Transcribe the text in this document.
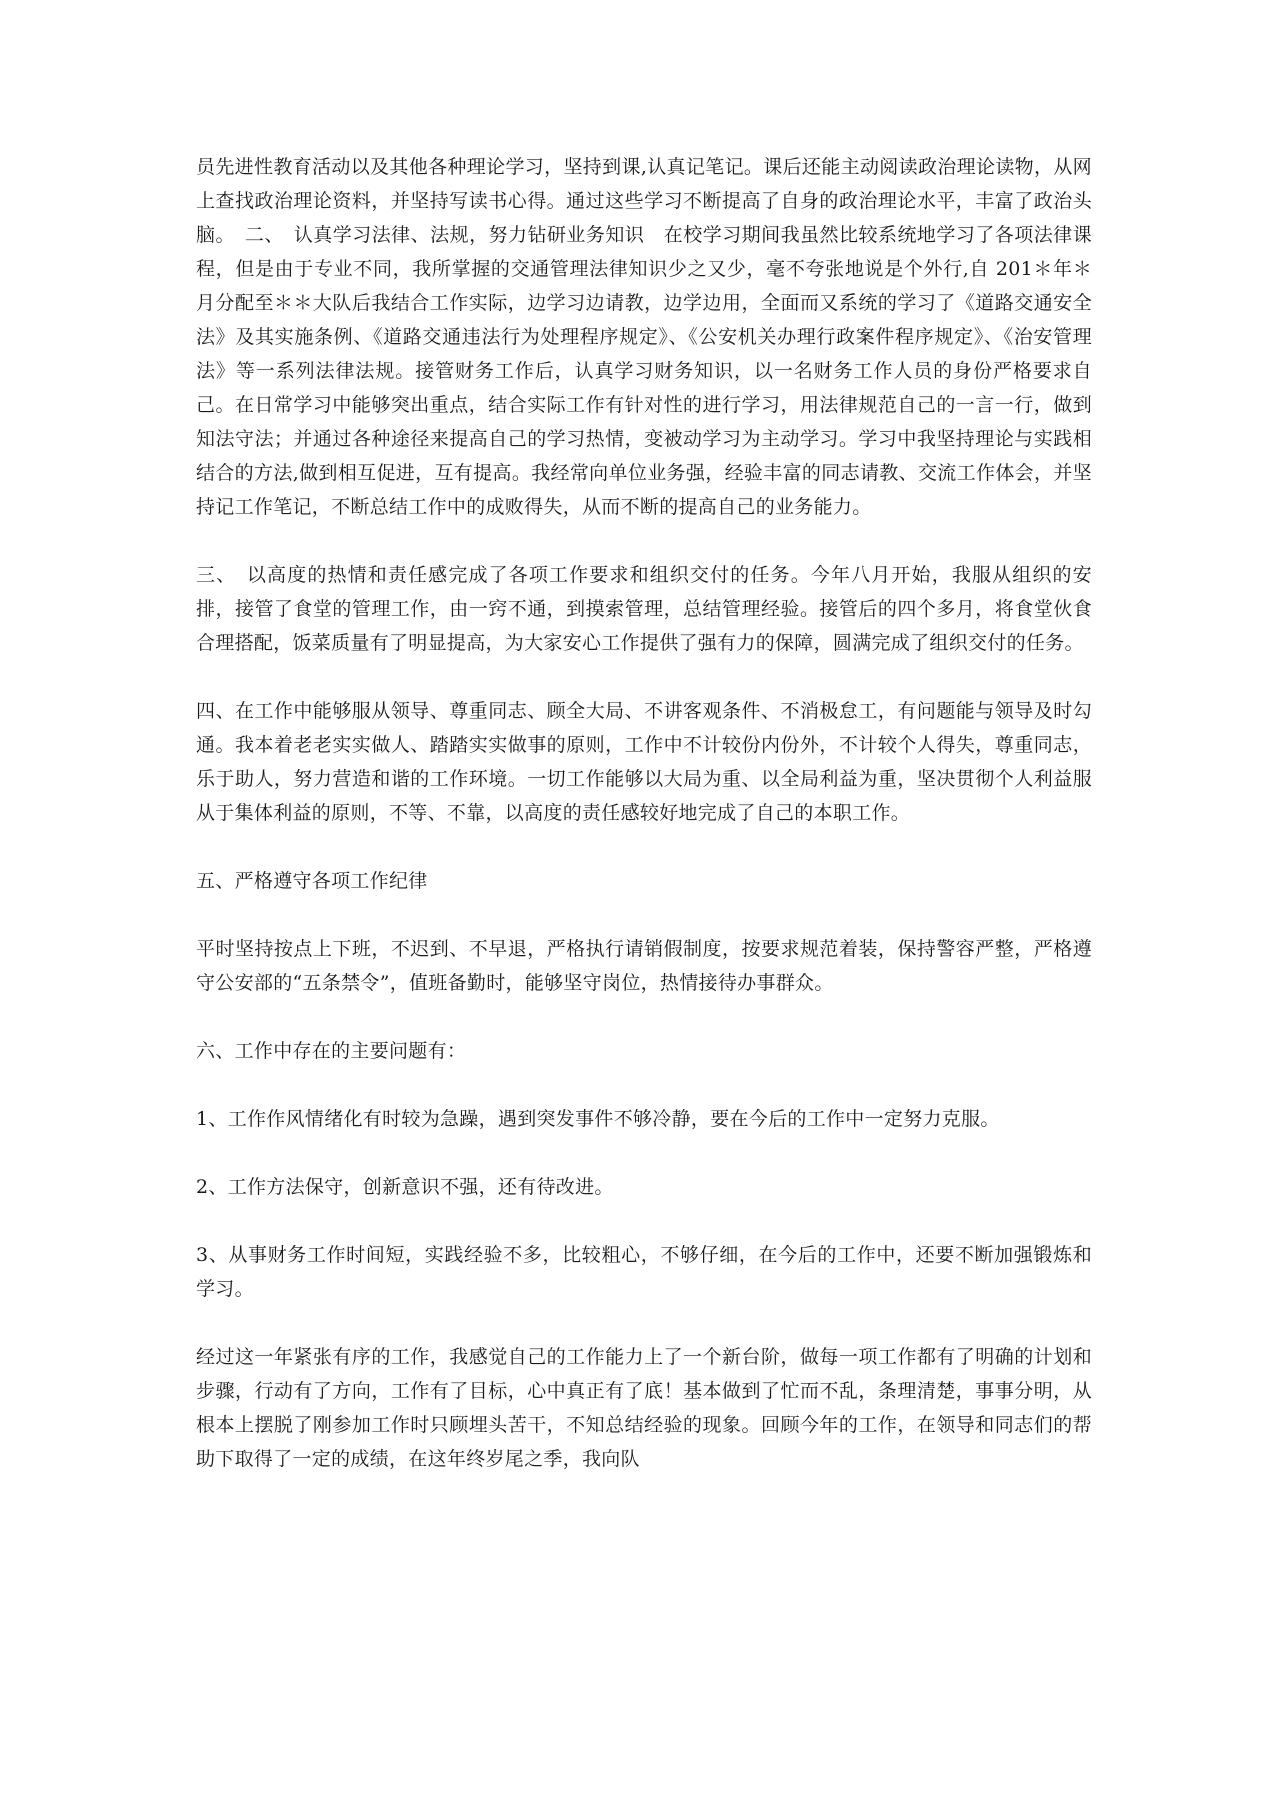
员先进性教育活动以及其他各种理论学习，坚持到课,认真记笔记。课后还能主动阅读政治理论读物，从网上查找政治理论资料，并坚持写读书心得。通过这些学习不断提高了自身的政治理论水平，丰富了政治头脑。　二、　认真学习法律、法规，努力钻研业务知识　在校学习期间我虽然比较系统地学习了各项法律课程，但是由于专业不同，我所掌握的交通管理法律知识少之又少，毫不夸张地说是个外行,自 201＊年＊月分配至＊＊大队后我结合工作实际，边学习边请教，边学边用，全面而又系统的学习了《道路交通安全法》及其实施条例、《道路交通违法行为处理程序规定》、《公安机关办理行政案件程序规定》、《治安管理法》等一系列法律法规。接管财务工作后，认真学习财务知识，以一名财务工作人员的身份严格要求自己。在日常学习中能够突出重点，结合实际工作有针对性的进行学习，用法律规范自己的一言一行，做到知法守法；并通过各种途径来提高自己的学习热情，变被动学习为主动学习。学习中我坚持理论与实践相结合的方法,做到相互促进，互有提高。我经常向单位业务强，经验丰富的同志请教、交流工作体会，并坚持记工作笔记，不断总结工作中的成败得失，从而不断的提高自己的业务能力。

三、　以高度的热情和责任感完成了各项工作要求和组织交付的任务。今年八月开始，我服从组织的安排，接管了食堂的管理工作，由一窍不通，到摸索管理，总结管理经验。接管后的四个多月，将食堂伙食合理搭配，饭菜质量有了明显提高，为大家安心工作提供了强有力的保障，圆满完成了组织交付的任务。

四、在工作中能够服从领导、尊重同志、顾全大局、不讲客观条件、不消极怠工，有问题能与领导及时勾通。我本着老老实实做人、踏踏实实做事的原则，工作中不计较份内份外，不计较个人得失，尊重同志，乐于助人，努力营造和谐的工作环境。一切工作能够以大局为重、以全局利益为重，坚决贯彻个人利益服从于集体利益的原则，不等、不靠，以高度的责任感较好地完成了自己的本职工作。

五、严格遵守各项工作纪律

平时坚持按点上下班，不迟到、不早退，严格执行请销假制度，按要求规范着装，保持警容严整，严格遵守公安部的“五条禁令”，值班备勤时，能够坚守岗位，热情接待办事群众。

六、工作中存在的主要问题有：

1、工作作风情绪化有时较为急躁，遇到突发事件不够冷静，要在今后的工作中一定努力克服。

2、工作方法保守，创新意识不强，还有待改进。

3、从事财务工作时间短，实践经验不多，比较粗心，不够仔细，在今后的工作中，还要不断加强锻炼和学习。

经过这一年紧张有序的工作，我感觉自己的工作能力上了一个新台阶，做每一项工作都有了明确的计划和步骤，行动有了方向，工作有了目标，心中真正有了底！基本做到了忙而不乱，条理清楚，事事分明，从根本上摆脱了刚参加工作时只顾埋头苦干，不知总结经验的现象。回顾今年的工作，在领导和同志们的帮助下取得了一定的成绩，在这年终岁尾之季，我向队
